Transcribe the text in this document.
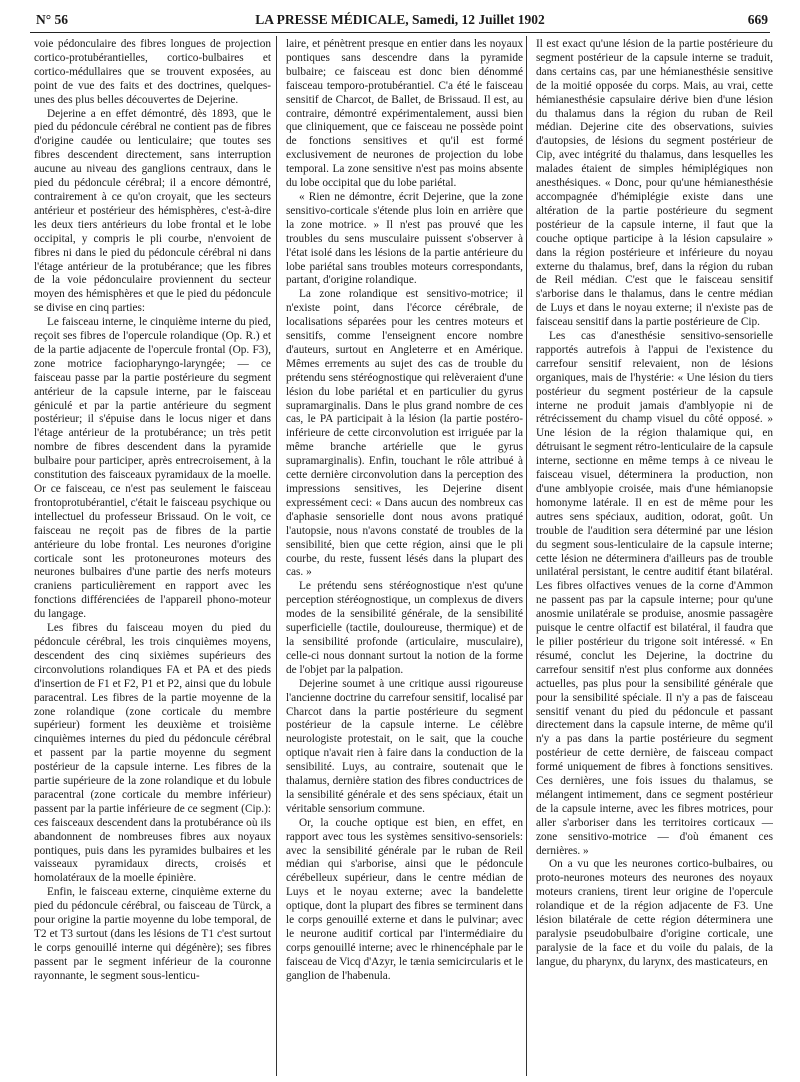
N° 56	LA PRESSE MÉDICALE, Samedi, 12 Juillet 1902	669

voie pédonculaire des fibres longues de projection cortico-protubérantielles, cortico-bulbaires et cortico-médullaires que se trouvent exposées, au point de vue des faits et des doctrines, quelques-unes des plus belles découvertes de Dejerine.

Dejerine a en effet démontré, dès 1893, que le pied du pédoncule cérébral ne contient pas de fibres d'origine caudée ou lenticulaire; que toutes ses fibres descendent directement, sans interruption aucune au niveau des ganglions centraux, dans le pied du pédoncule cérébral; il a encore démontré, contrairement à ce qu'on croyait, que les secteurs antérieur et postérieur des hémisphères, c'est-à-dire les deux tiers antérieurs du lobe frontal et le lobe occipital, y compris le pli courbe, n'envoient de fibres ni dans le pied du pédoncule cérébral ni dans l'étage antérieur de la protubérance; que les fibres de la voie pédonculaire proviennent du secteur moyen des hémisphères et que le pied du pédoncule se divise en cinq parties:

Le faisceau interne, le cinquième interne du pied, reçoit ses fibres de l'opercule rolandique (Op. R.) et de la partie adjacente de l'opercule frontal (Op. F3), zone motrice faciopharyngo-laryngée; — ce faisceau passe par la partie postérieure du segment antérieur de la capsule interne, par le faisceau géniculé et par la partie antérieure du segment postérieur; il s'épuise dans le locus niger et dans l'étage antérieur de la protubérance; un très petit nombre de fibres descendent dans la pyramide bulbaire pour participer, après entrecroisement, à la constitution des faisceaux pyramidaux de la moelle. Or ce faisceau, ce n'est pas seulement le faisceau frontoprotubérantiel, c'était le faisceau psychique ou intellectuel du professeur Brissaud. On le voit, ce faisceau ne reçoit pas de fibres de la partie antérieure du lobe frontal. Les neurones d'origine corticale sont les protoneurones moteurs des neurones bulbaires d'une partie des nerfs moteurs craniens particulièrement en rapport avec les fonctions différenciées de l'appareil phono-moteur du langage.

Les fibres du faisceau moyen du pied du pédoncule cérébral, les trois cinquièmes moyens, descendent des cinq sixièmes supérieurs des circonvolutions rolandiques FA et PA et des pieds d'insertion de F1 et F2, P1 et P2, ainsi que du lobule paracentral. Les fibres de la partie moyenne de la zone rolandique (zone corticale du membre supérieur) forment les deuxième et troisième cinquièmes internes du pied du pédoncule cérébral et passent par la partie moyenne du segment postérieur de la capsule interne. Les fibres de la partie supérieure de la zone rolandique et du lobule paracentral (zone corticale du membre inférieur) passent par la partie inférieure de ce segment (Cip.): ces faisceaux descendent dans la protubérance où ils abandonnent de nombreuses fibres aux noyaux pontiques, puis dans les pyramides bulbaires et les vaisseaux pyramidaux directs, croisés et homolatéraux de la moelle épinière.

Enfin, le faisceau externe, cinquième externe du pied du pédoncule cérébral, ou faisceau de Türck, a pour origine la partie moyenne du lobe temporal, de T2 et T3 surtout (dans les lésions de T1 c'est surtout le corps genouillé interne qui dégénère); ses fibres passent par le segment inférieur de la couronne rayonnante, le segment sous-lenticu-

laire, et pénètrent presque en entier dans les noyaux pontiques sans descendre dans la pyramide bulbaire; ce faisceau est donc bien dénommé faisceau temporo-protubérantiel. C'a été le faisceau sensitif de Charcot, de Ballet, de Brissaud. Il est, au contraire, démontré expérimentalement, aussi bien que cliniquement, que ce faisceau ne possède point de fonctions sensitives et qu'il est formé exclusivement de neurones de projection du lobe temporal. La zone sensitive n'est pas moins absente du lobe occipital que du lobe pariétal.

« Rien ne démontre, écrit Dejerine, que la zone sensitivo-corticale s'étende plus loin en arrière que la zone motrice. » Il n'est pas prouvé que les troubles du sens musculaire puissent s'observer à l'état isolé dans les lésions de la partie antérieure du lobe pariétal sans troubles moteurs correspondants, partant, d'origine rolandique.

La zone rolandique est sensitivo-motrice; il n'existe point, dans l'écorce cérébrale, de localisations séparées pour les centres moteurs et sensitifs, comme l'enseignent encore nombre d'auteurs, surtout en Angleterre et en Amérique. Mêmes errements au sujet des cas de trouble du prétendu sens stéréognostique qui relèveraient d'une lésion du lobe pariétal et en particulier du gyrus supramarginalis. Dans le plus grand nombre de ces cas, le PA participait à la lésion (la partie postéro-inférieure de cette circonvolution est irriguée par la même branche artérielle que le gyrus supramarginalis). Enfin, touchant le rôle attribué à cette dernière circonvolution dans la perception des impressions sensitives, les Dejerine disent expressément ceci: « Dans aucun des nombreux cas d'aphasie sensorielle dont nous avons pratiqué l'autopsie, nous n'avons constaté de troubles de la sensibilité, bien que cette région, ainsi que le pli courbe, du reste, fussent lésés dans la plupart des cas. »

Le prétendu sens stéréognostique n'est qu'une perception stéréognostique, un complexus de divers modes de la sensibilité générale, de la sensibilité superficielle (tactile, douloureuse, thermique) et de la sensibilité profonde (articulaire, musculaire), celle-ci nous donnant surtout la notion de la forme de l'objet par la palpation.

Dejerine soumet à une critique aussi rigoureuse l'ancienne doctrine du carrefour sensitif, localisé par Charcot dans la partie postérieure du segment postérieur de la capsule interne. Le célèbre neurologiste protestait, on le sait, que la couche optique n'avait rien à faire dans la conduction de la sensibilité. Luys, au contraire, soutenait que le thalamus, dernière station des fibres conductrices de la sensibilité générale et des sens spéciaux, était un véritable sensorium commune.

Or, la couche optique est bien, en effet, en rapport avec tous les systèmes sensitivo-sensoriels: avec la sensibilité générale par le ruban de Reil médian qui s'arborise, ainsi que le pédoncule cérébelleux supérieur, dans le centre médian de Luys et le noyau externe; avec la bandelette optique, dont la plupart des fibres se terminent dans le corps genouillé externe et dans le pulvinar; avec le neurone auditif cortical par l'intermédiaire du corps genouillé interne; avec le rhinencéphale par le faisceau de Vicq d'Azyr, le tænia semicircularis et le ganglion de l'habenula.

Il est exact qu'une lésion de la partie postérieure du segment postérieur de la capsule interne se traduit, dans certains cas, par une hémianesthésie sensitive de la moitié opposée du corps. Mais, au vrai, cette hémianesthésie capsulaire dérive bien d'une lésion du thalamus dans la région du ruban de Reil médian. Dejerine cite des observations, suivies d'autopsies, de lésions du segment postérieur de Cip, avec intégrité du thalamus, dans lesquelles les malades étaient de simples hémiplégiques non anesthésiques. « Donc, pour qu'une hémianesthésie accompagnée d'hémiplégie existe dans une altération de la partie postérieure du segment postérieur de la capsule interne, il faut que la couche optique participe à la lésion capsulaire » dans la région postérieure et inférieure du noyau externe du thalamus, bref, dans la région du ruban de Reil médian. C'est que le faisceau sensitif s'arborise dans le thalamus, dans le centre médian de Luys et dans le noyau externe; il n'existe pas de faisceau sensitif dans la partie postérieure de Cip.

Les cas d'anesthésie sensitivo-sensorielle rapportés autrefois à l'appui de l'existence du carrefour sensitif relevaient, non de lésions organiques, mais de l'hystérie: « Une lésion du tiers postérieur du segment postérieur de la capsule interne ne produit jamais d'amblyopie ni de rétrécissement du champ visuel du côté opposé. » Une lésion de la région thalamique qui, en détruisant le segment rétro-lenticulaire de la capsule interne, sectionne en même temps à ce niveau le faisceau visuel, déterminera la production, non d'une amblyopie croisée, mais d'une hémianopsie homonyme latérale. Il en est de même pour les autres sens spéciaux, audition, odorat, goût. Un trouble de l'audition sera déterminé par une lésion du segment sous-lenticulaire de la capsule interne; cette lésion ne déterminera d'ailleurs pas de trouble unilatéral persistant, le centre auditif étant bilatéral. Les fibres olfactives venues de la corne d'Ammon ne passent pas par la capsule interne; pour qu'une anosmie unilatérale se produise, anosmie passagère puisque le centre olfactif est bilatéral, il faudra que le pilier postérieur du trigone soit intéressé. « En résumé, conclut les Dejerine, la doctrine du carrefour sensitif n'est plus conforme aux données actuelles, pas plus pour la sensibilité générale que pour la sensibilité spéciale. Il n'y a pas de faisceau sensitif venant du pied du pédoncule et passant directement dans la capsule interne, de même qu'il n'y a pas dans la partie postérieure du segment postérieur de cette dernière, de faisceau compact formé uniquement de fibres à fonctions sensitives. Ces dernières, une fois issues du thalamus, se mélangent intimement, dans ce segment postérieur de la capsule interne, avec les fibres motrices, pour aller s'arboriser dans les territoires corticaux — zone sensitivo-motrice — d'où émanent ces dernières. »

On a vu que les neurones cortico-bulbaires, ou proto-neurones moteurs des neurones des noyaux moteurs craniens, tirent leur origine de l'opercule rolandique et de la région adjacente de F3. Une lésion bilatérale de cette région déterminera une paralysie pseudobulbaire d'origine corticale, une paralysie de la face et du voile du palais, de la langue, du pharynx, du larynx, des masticateurs, en
